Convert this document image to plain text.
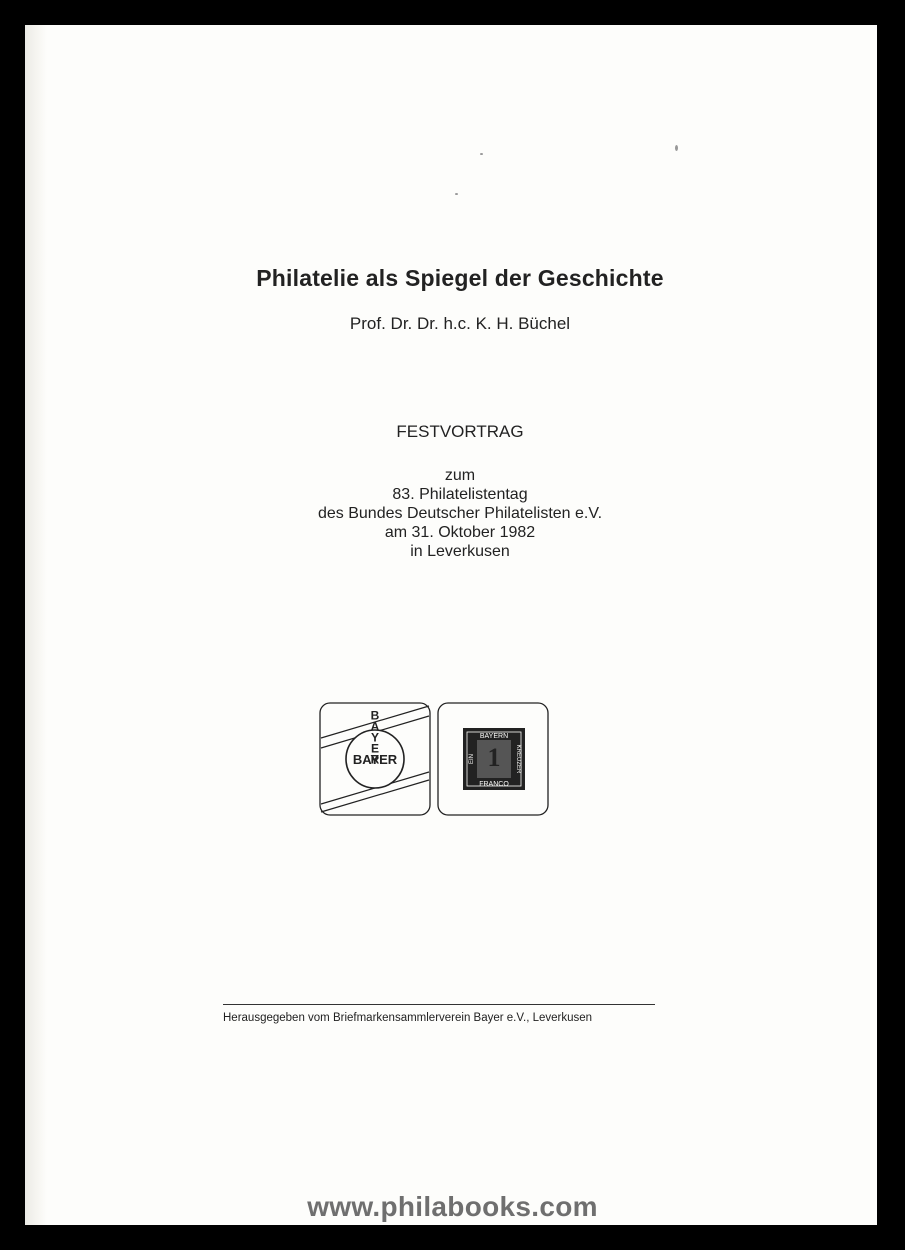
Philatelie als Spiegel der Geschichte
Prof. Dr. Dr. h.c. K. H. Büchel
FESTVORTRAG
zum
83. Philatelistentag
des Bundes Deutscher Philatelisten e.V.
am 31. Oktober 1982
in Leverkusen
BAYER
BAYER	1
BAYERN
FRANCO
EIN	KREUZER
Herausgegeben vom Briefmarkensammlerverein Bayer e.V., Leverkusen
www.philabooks.com
